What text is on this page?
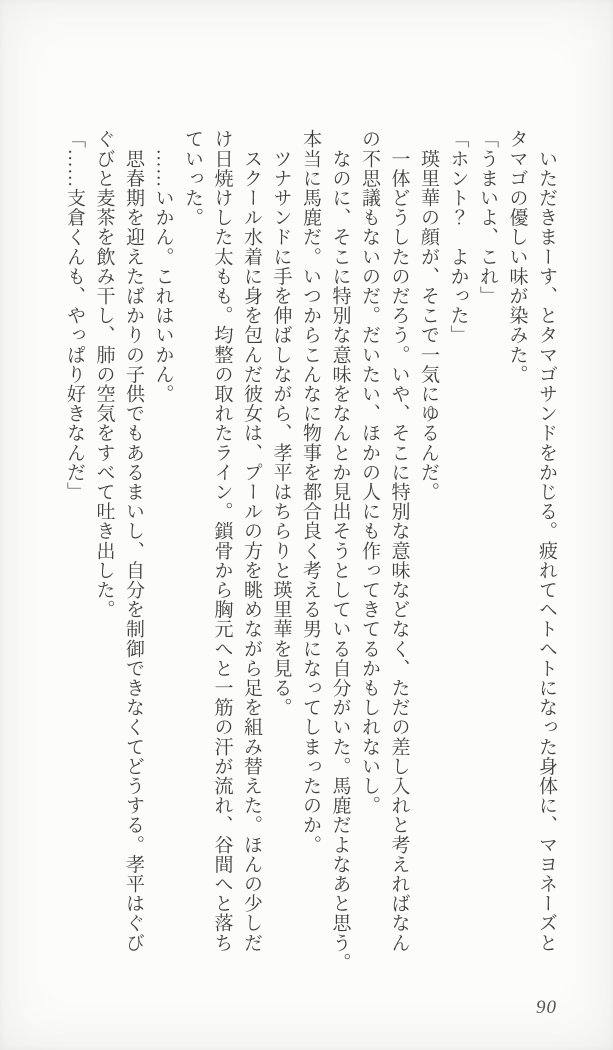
　いただきまーす、とタマゴサンドをかじる。疲れてヘトヘトになった身体に、マヨネーズと

タマゴの優しい味が染みた。

「うまいよ、これ」

「ホント？　よかった」

　瑛里華の顔が、そこで一気にゆるんだ。

　一体どうしたのだろう。いや、そこに特別な意味などなく、ただの差し入れと考えればなん

の不思議もないのだ。だいたい、ほかの人にも作ってきてるかもしれないし。

　なのに、そこに特別な意味をなんとか見出そうとしている自分がいた。馬鹿だよなあと思う。

本当に馬鹿だ。いつからこんなに物事を都合良く考える男になってしまったのか。

　ツナサンドに手を伸ばしながら、孝平はちらりと瑛里華を見る。

　スクール水着に身を包んだ彼女は、プールの方を眺めながら足を組み替えた。ほんの少しだ

け日焼けした太もも。均整の取れたライン。鎖骨から胸元へと一筋の汗が流れ、谷間へと落ち

ていった。

　……いかん。これはいかん。

　思春期を迎えたばかりの子供でもあるまいし、自分を制御できなくてどうする。孝平はぐび

ぐびと麦茶を飲み干し、肺の空気をすべて吐き出した。

「……支倉くんも、やっぱり好きなんだ」

90
